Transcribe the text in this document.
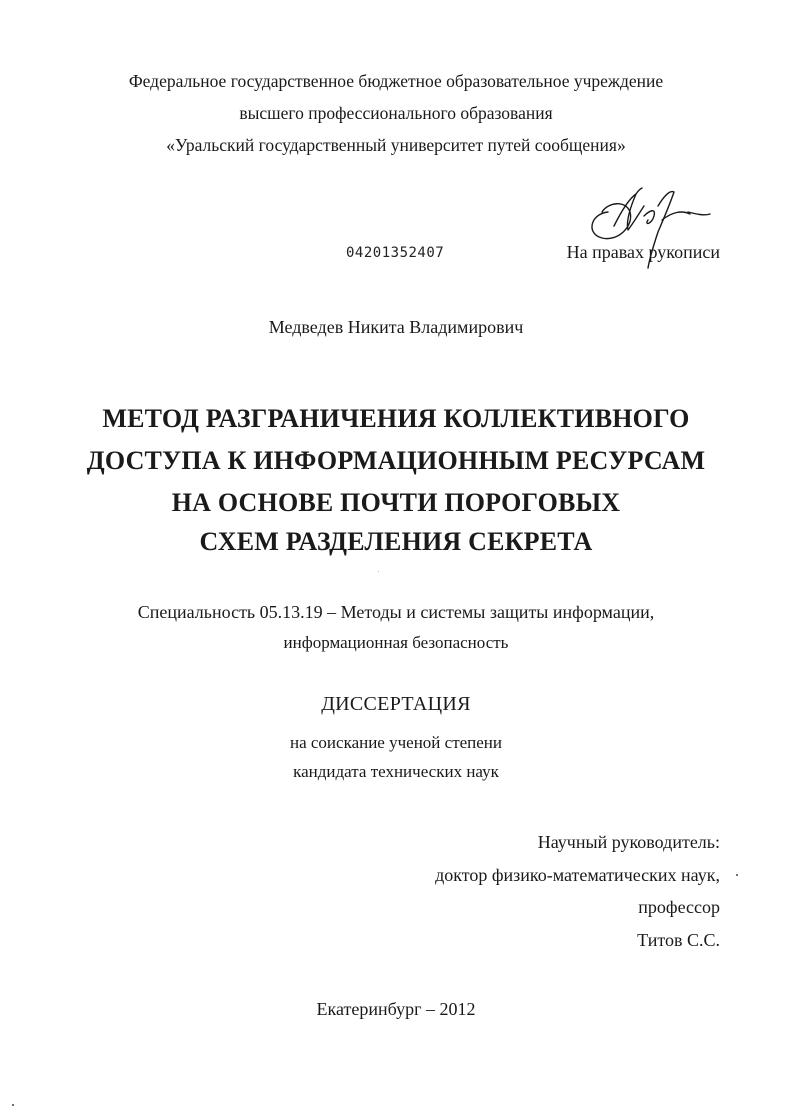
Федеральное государственное бюджетное образовательное учреждение
высшего профессионального образования
«Уральский государственный университет путей сообщения»
04201352407	На правах рукописи
Медведев Никита Владимирович
МЕТОД РАЗГРАНИЧЕНИЯ КОЛЛЕКТИВНОГО
ДОСТУПА К ИНФОРМАЦИОННЫМ РЕСУРСАМ
НА ОСНОВЕ ПОЧТИ ПОРОГОВЫХ
СХЕМ РАЗДЕЛЕНИЯ СЕКРЕТА
Специальность 05.13.19 – Методы и системы защиты информации,
информационная безопасность
ДИССЕРТАЦИЯ
на соискание ученой степени
кандидата технических наук
Научный руководитель:
доктор физико-математических наук,
профессор
Титов С.С.
Екатеринбург – 2012
